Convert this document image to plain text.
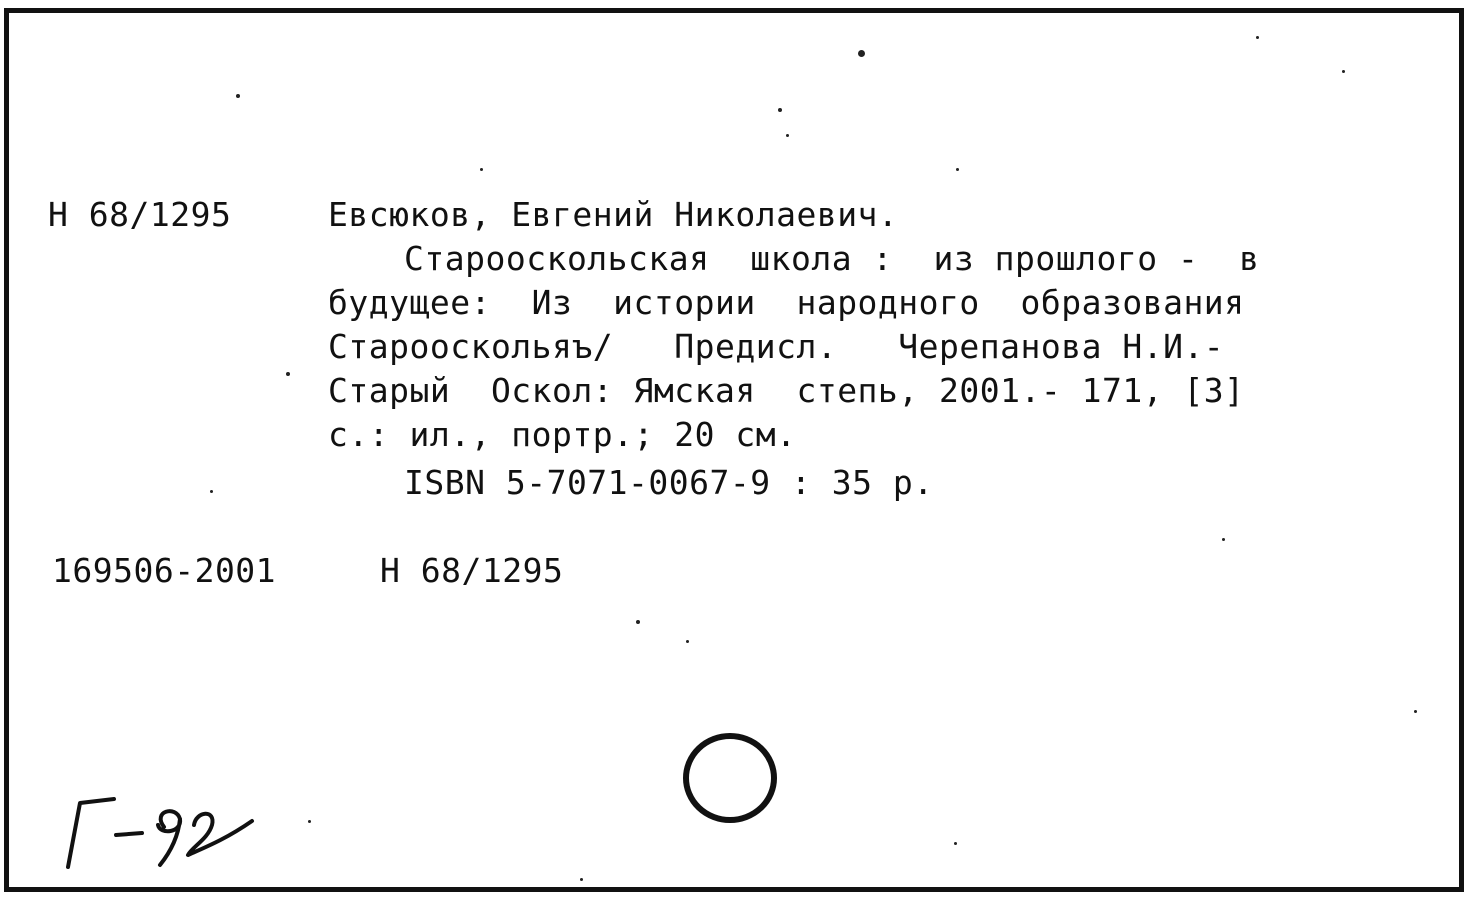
Н 68/1295	Евсюков, Евгений Николаевич.
Старооскольская  школа :  из прошлого -  в
будущее:  Из  истории  народного  образования
Старооскольяъ/   Предисл.   Черепанова Н.И.-
Старый  Оскол: Ямская  степь, 2001.- 171, [3]
с.: ил., портр.; 20 см.
ISBN 5-7071-0067-9 : 35 р.
169506-2001	Н 68/1295
